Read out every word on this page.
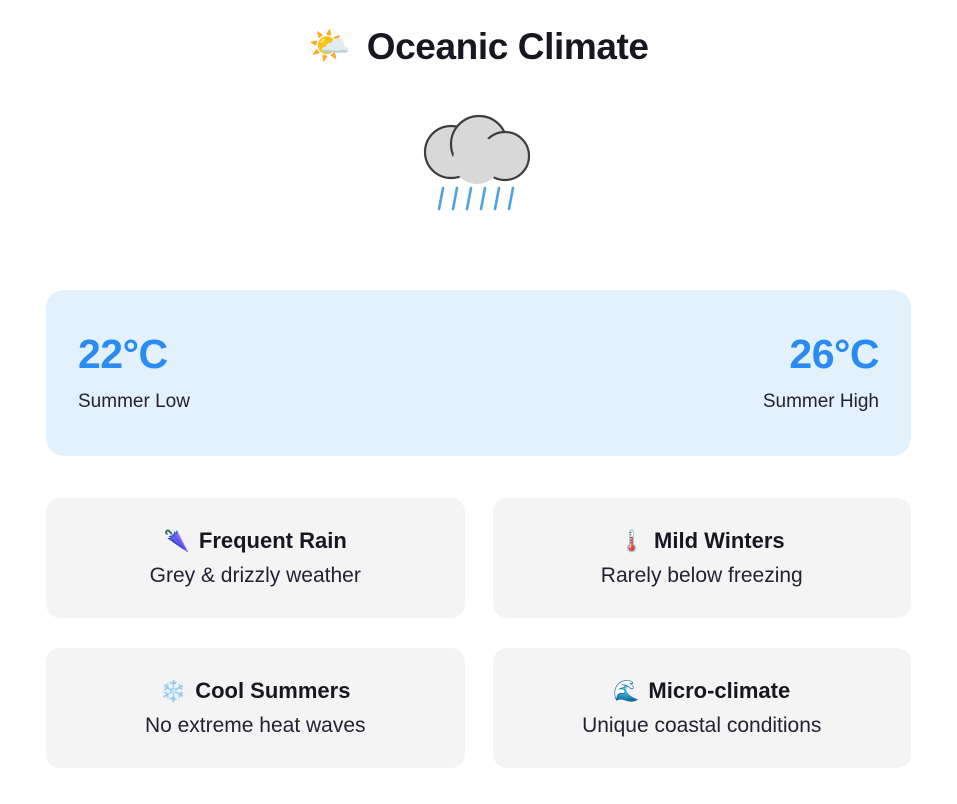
🌤️ Oceanic Climate
22°C
Summer Low
26°C
Summer High
🌂 Frequent Rain
Grey & drizzly weather
🌡️ Mild Winters
Rarely below freezing
❄️ Cool Summers
No extreme heat waves
🌊 Micro-climate
Unique coastal conditions
